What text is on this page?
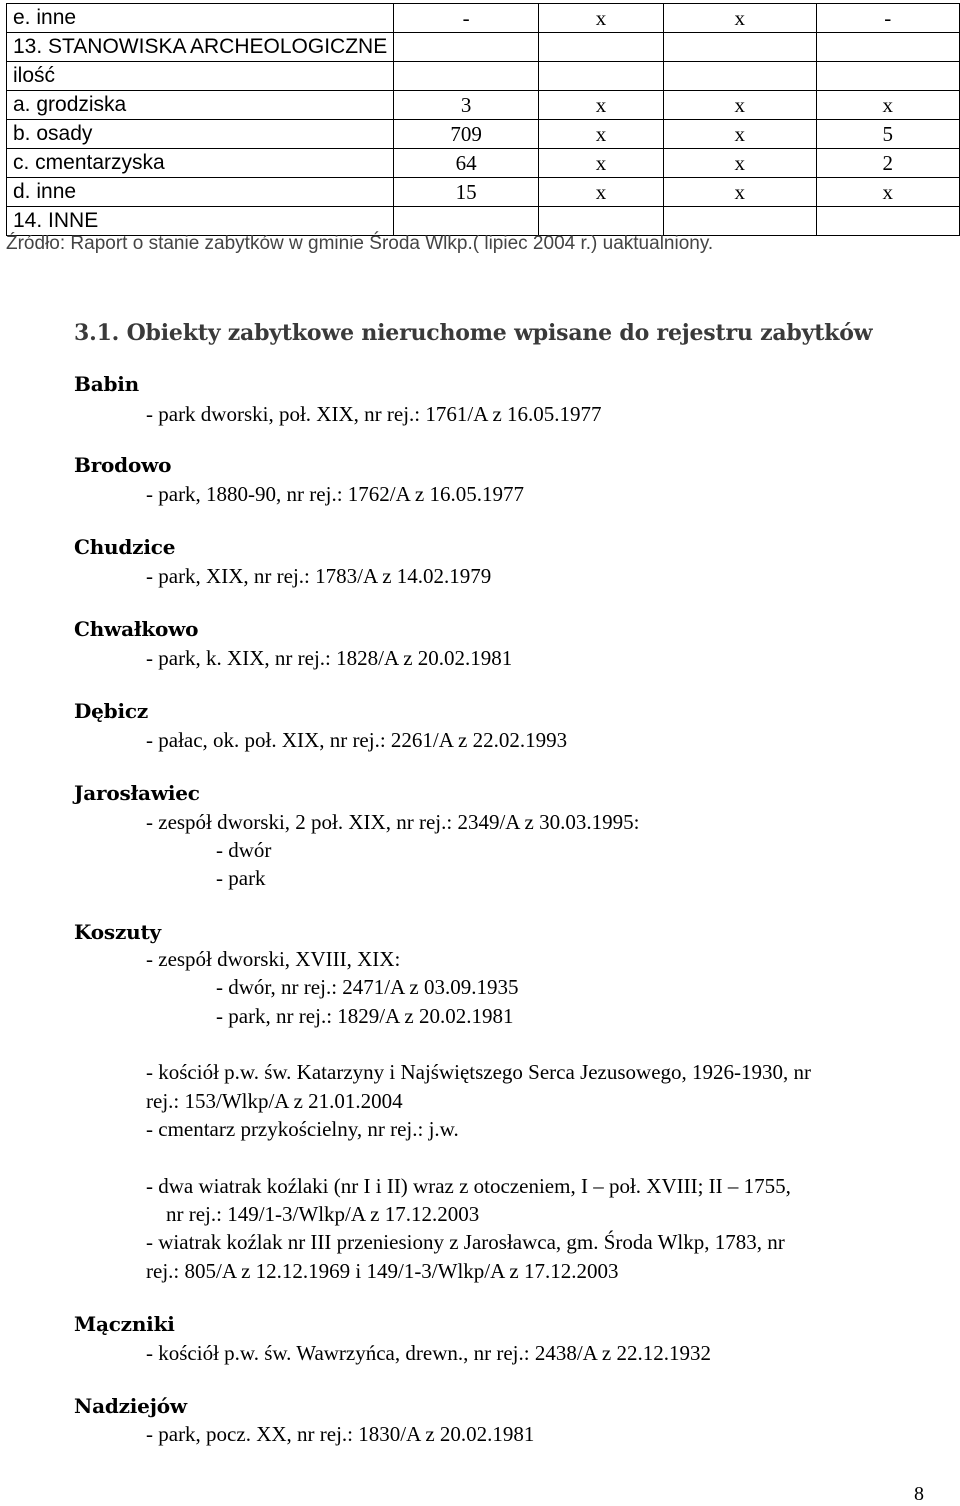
e. inne	-	x	x	-
13. STANOWISKA ARCHEOLOGICZNE				
ilość				
a. grodziska	3	x	x	x
b. osady	709	x	x	5
c. cmentarzyska	64	x	x	2
d. inne	15	x	x	x
14. INNE				
Źródło: Raport o stanie zabytków w gminie Środa Wlkp.( lipiec 2004 r.) uaktualniony.
3.1. Obiekty zabytkowe nieruchome wpisane do rejestru zabytków
Babin
- park dworski, poł. XIX, nr rej.: 1761/A z 16.05.1977
Brodowo
- park, 1880-90, nr rej.: 1762/A z 16.05.1977
Chudzice
- park, XIX, nr rej.: 1783/A z 14.02.1979
Chwałkowo
- park, k. XIX, nr rej.: 1828/A z 20.02.1981
Dębicz
- pałac, ok. poł. XIX, nr rej.: 2261/A z 22.02.1993
Jarosławiec
- zespół dworski, 2 poł. XIX, nr rej.: 2349/A z 30.03.1995:
- dwór
- park
Koszuty
- zespół dworski, XVIII, XIX:
- dwór, nr rej.: 2471/A z 03.09.1935
- park, nr rej.: 1829/A z 20.02.1981
- kościół p.w. św. Katarzyny i Najświętszego Serca Jezusowego, 1926-1930, nr
rej.: 153/Wlkp/A z 21.01.2004
- cmentarz przykościelny, nr rej.: j.w.
- dwa wiatrak koźlaki (nr I i II) wraz z otoczeniem, I – poł. XVIII; II – 1755,
nr rej.: 149/1-3/Wlkp/A z 17.12.2003
- wiatrak koźlak nr III przeniesiony z Jarosławca, gm. Środa Wlkp, 1783, nr
rej.: 805/A z 12.12.1969 i 149/1-3/Wlkp/A z 17.12.2003
Mączniki
- kościół p.w. św. Wawrzyńca, drewn., nr rej.: 2438/A z 22.12.1932
Nadziejów
- park, pocz. XX, nr rej.: 1830/A z 20.02.1981
8
